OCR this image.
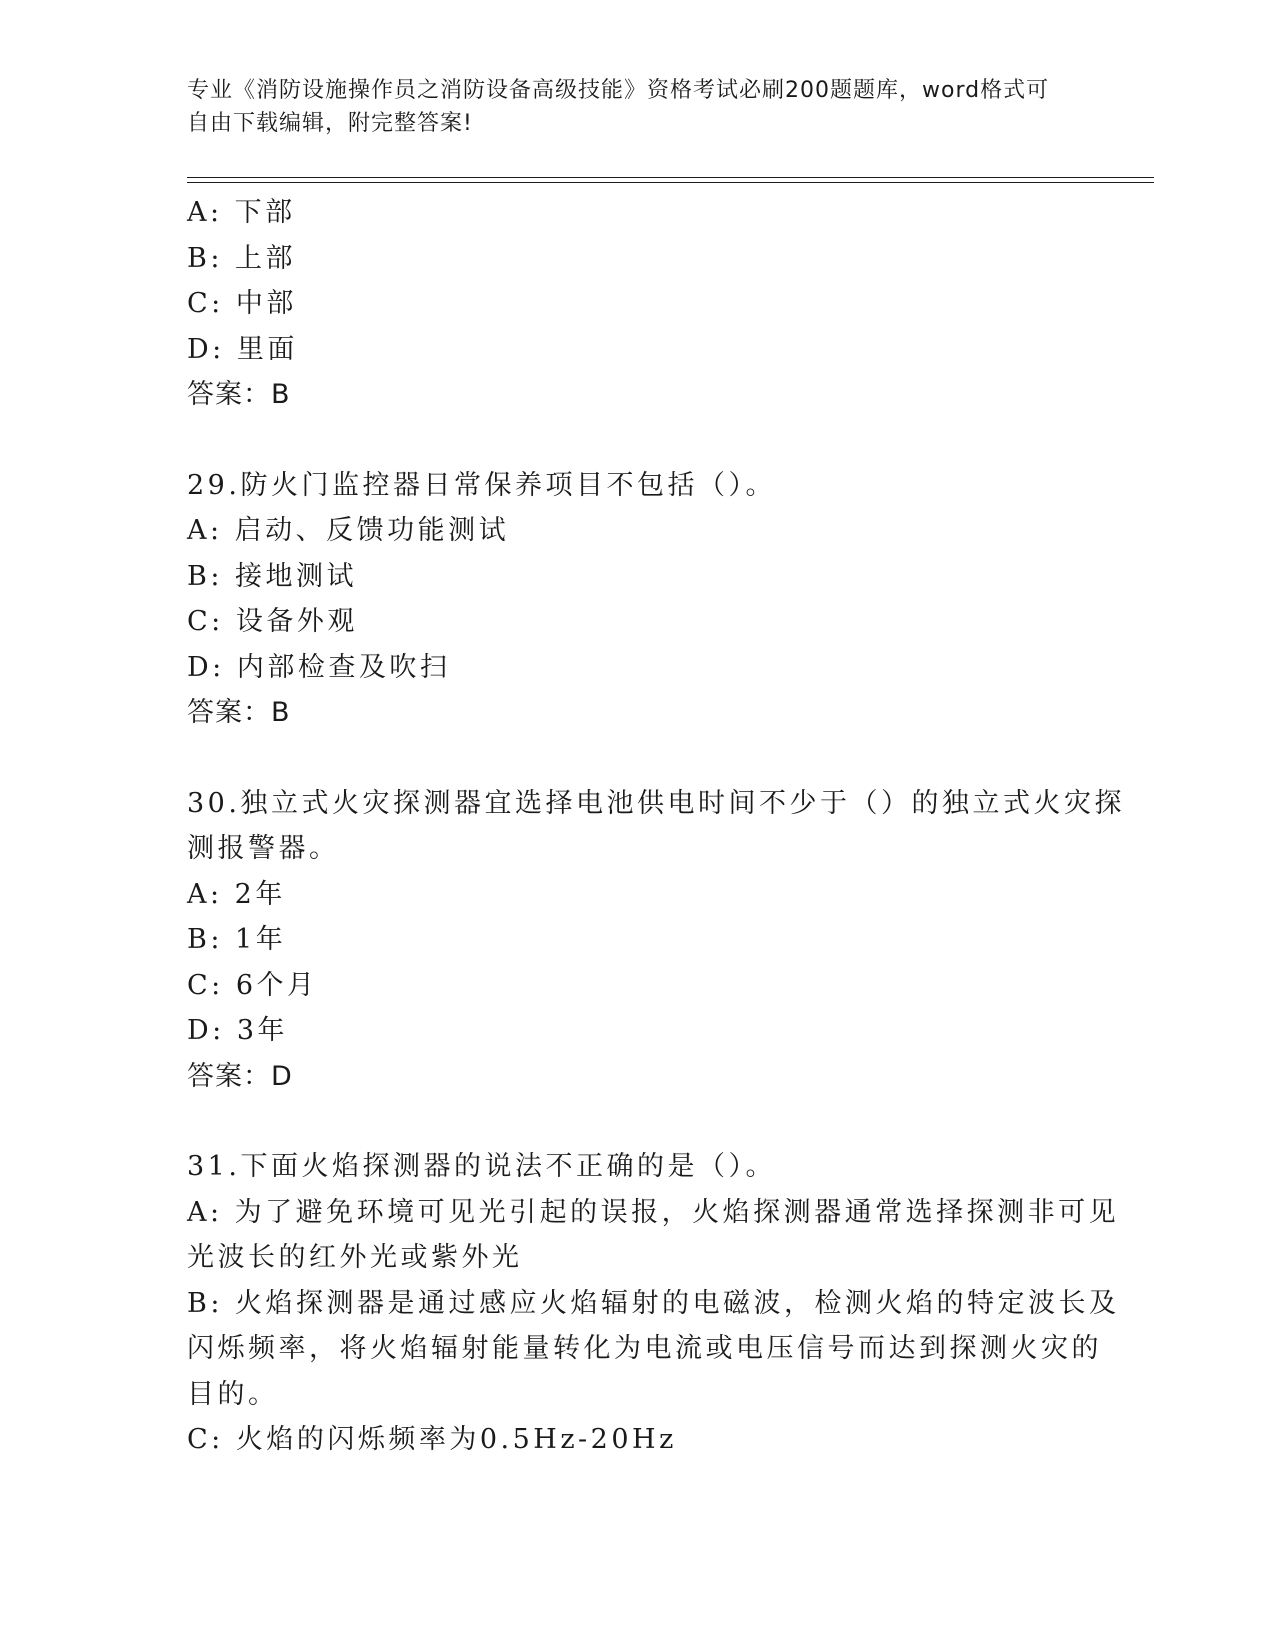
专业《消防设施操作员之消防设备高级技能》资格考试必刷200题题库，word格式可自由下载编辑，附完整答案!
A: 下部
B: 上部
C: 中部
D: 里面
答案：B
29.防火门监控器日常保养项目不包括（）。
A: 启动、反馈功能测试
B: 接地测试
C: 设备外观
D: 内部检查及吹扫
答案：B
30.独立式火灾探测器宜选择电池供电时间不少于（）的独立式火灾探
测报警器。
A: 2年
B: 1年
C: 6个月
D: 3年
答案：D
31.下面火焰探测器的说法不正确的是（）。
A: 为了避免环境可见光引起的误报，火焰探测器通常选择探测非可见
光波长的红外光或紫外光
B: 火焰探测器是通过感应火焰辐射的电磁波，检测火焰的特定波长及
闪烁频率，将火焰辐射能量转化为电流或电压信号而达到探测火灾的
目的。
C: 火焰的闪烁频率为0.5Hz-20Hz
